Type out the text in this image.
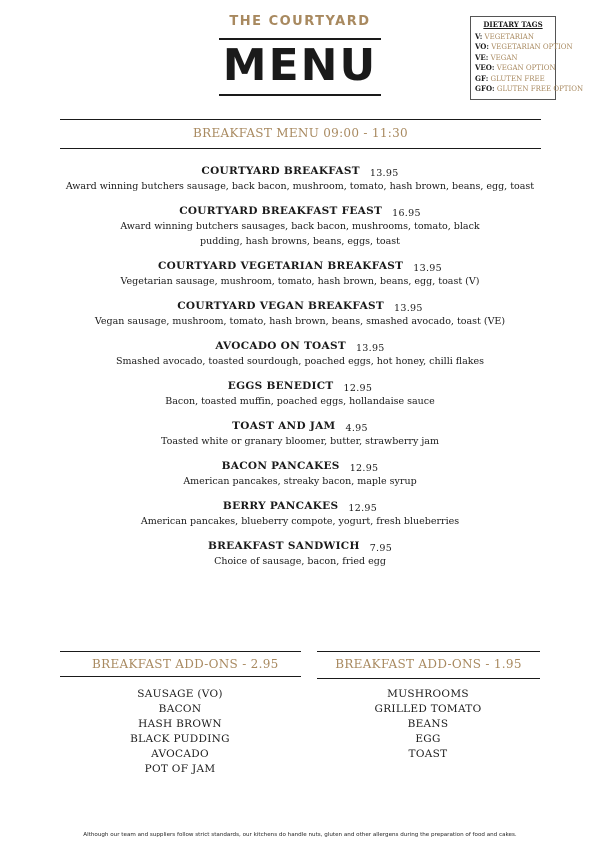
THE COURTYARD
MENU
DIETARY TAGS
V: VEGETARIAN
VO: VEGETARIAN OPTION
VE: VEGAN
VEO: VEGAN OPTION
GF: GLUTEN FREE
GFO: GLUTEN FREE OPTION
BREAKFAST MENU 09:00 - 11:30
COURTYARD BREAKFAST 13.95
Award winning butchers sausage, back bacon, mushroom, tomato, hash brown, beans, egg, toast
COURTYARD BREAKFAST FEAST 16.95
Award winning butchers sausages, back bacon, mushrooms, tomato, black pudding, hash browns, beans, eggs, toast
COURTYARD VEGETARIAN BREAKFAST 13.95
Vegetarian sausage, mushroom, tomato, hash brown, beans, egg, toast (V)
COURTYARD VEGAN BREAKFAST 13.95
Vegan sausage, mushroom, tomato, hash brown, beans, smashed avocado, toast (VE)
AVOCADO ON TOAST 13.95
Smashed avocado, toasted sourdough, poached eggs, hot honey, chilli flakes
EGGS BENEDICT 12.95
Bacon, toasted muffin, poached eggs, hollandaise sauce
TOAST AND JAM 4.95
Toasted white or granary bloomer, butter, strawberry jam
BACON PANCAKES 12.95
American pancakes, streaky bacon, maple syrup
BERRY PANCAKES 12.95
American pancakes, blueberry compote, yogurt, fresh blueberries
BREAKFAST SANDWICH 7.95
Choice of sausage, bacon, fried egg
BREAKFAST ADD-ONS - 2.95	BREAKFAST ADD-ONS - 1.95
SAUSAGE (VO)
BACON
HASH BROWN
BLACK PUDDING
AVOCADO
POT OF JAM
MUSHROOMS
GRILLED TOMATO
BEANS
EGG
TOAST
Although our team and suppliers follow strict standards, our kitchens do handle nuts, gluten and other allergens during the preparation of food and cakes.
